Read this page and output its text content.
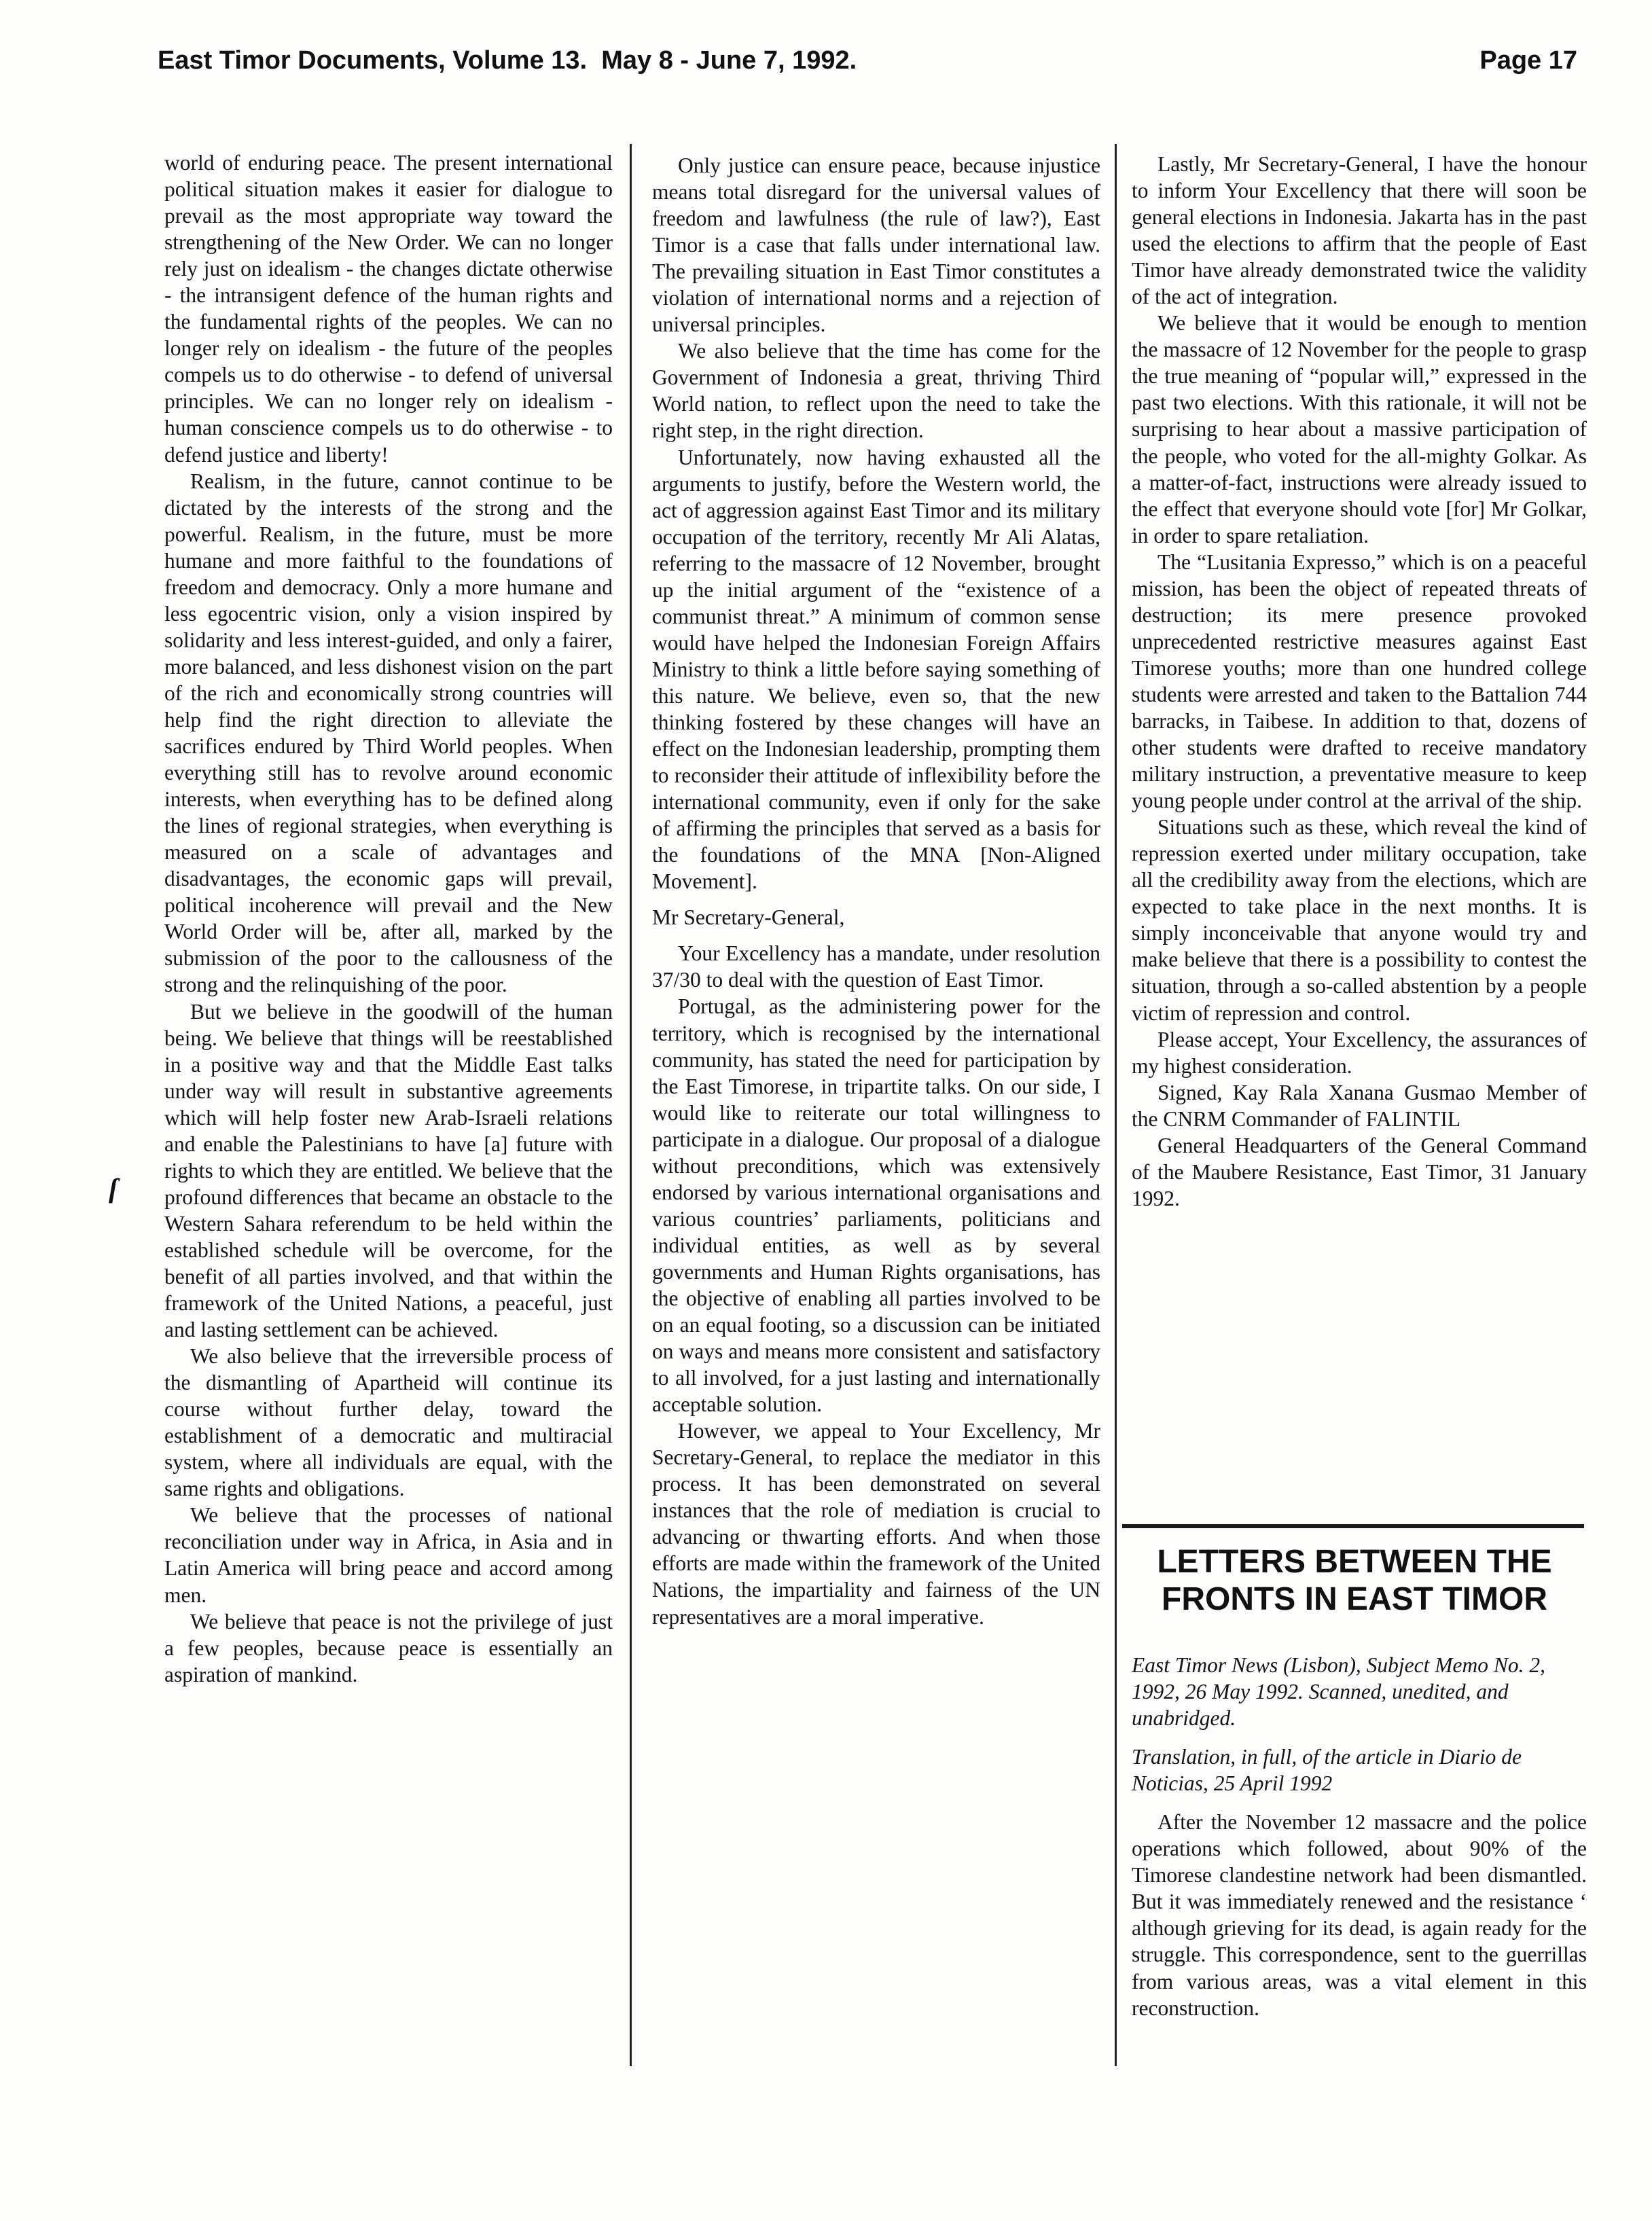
East Timor Documents, Volume 13. May 8 - June 7, 1992.	Page 17
ſ

world of enduring peace. The present international political situation makes it easier for dialogue to prevail as the most appropriate way toward the strengthening of the New Order. We can no longer rely just on idealism - the changes dictate otherwise - the intransigent defence of the human rights and the fundamental rights of the peoples. We can no longer rely on idealism - the future of the peoples compels us to do otherwise - to defend of universal principles. We can no longer rely on idealism - human conscience compels us to do otherwise - to defend justice and liberty!

Realism, in the future, cannot continue to be dictated by the interests of the strong and the powerful. Realism, in the future, must be more humane and more faithful to the foundations of freedom and democracy. Only a more humane and less egocentric vision, only a vision inspired by solidarity and less interest-guided, and only a fairer, more balanced, and less dishonest vision on the part of the rich and economically strong countries will help find the right direction to alleviate the sacrifices endured by Third World peoples. When everything still has to revolve around economic interests, when everything has to be defined along the lines of regional strategies, when everything is measured on a scale of advantages and disadvantages, the economic gaps will prevail, political incoherence will prevail and the New World Order will be, after all, marked by the submission of the poor to the callousness of the strong and the relinquishing of the poor.

But we believe in the goodwill of the human being. We believe that things will be reestablished in a positive way and that the Middle East talks under way will result in substantive agreements which will help foster new Arab-Israeli relations and enable the Palestinians to have [a] future with rights to which they are entitled. We believe that the profound differences that became an obstacle to the Western Sahara referendum to be held within the established schedule will be overcome, for the benefit of all parties involved, and that within the framework of the United Nations, a peaceful, just and lasting settlement can be achieved.

We also believe that the irreversible process of the dismantling of Apartheid will continue its course without further delay, toward the establishment of a democratic and multiracial system, where all individuals are equal, with the same rights and obligations.

We believe that the processes of national reconciliation under way in Africa, in Asia and in Latin America will bring peace and accord among men.

We believe that peace is not the privilege of just a few peoples, because peace is essentially an aspiration of mankind.

Only justice can ensure peace, because injustice means total disregard for the universal values of freedom and lawfulness (the rule of law?), East Timor is a case that falls under international law. The prevailing situation in East Timor constitutes a violation of international norms and a rejection of universal principles.

We also believe that the time has come for the Government of Indonesia a great, thriving Third World nation, to reflect upon the need to take the right step, in the right direction.

Unfortunately, now having exhausted all the arguments to justify, before the Western world, the act of aggression against East Timor and its military occupation of the territory, recently Mr Ali Alatas, referring to the massacre of 12 November, brought up the initial argument of the “existence of a communist threat.” A minimum of common sense would have helped the Indonesian Foreign Affairs Ministry to think a little before saying something of this nature. We believe, even so, that the new thinking fostered by these changes will have an effect on the Indonesian leadership, prompting them to reconsider their attitude of inflexibility before the international community, even if only for the sake of affirming the principles that served as a basis for the foundations of the MNA [Non-Aligned Movement].

Mr Secretary-General,

Your Excellency has a mandate, under resolution 37/30 to deal with the question of East Timor.

Portugal, as the administering power for the territory, which is recognised by the international community, has stated the need for participation by the East Timorese, in tripartite talks. On our side, I would like to reiterate our total willingness to participate in a dialogue. Our proposal of a dialogue without preconditions, which was extensively endorsed by various international organisations and various countries’ parliaments, politicians and individual entities, as well as by several governments and Human Rights organisations, has the objective of enabling all parties involved to be on an equal footing, so a discussion can be initiated on ways and means more consistent and satisfactory to all involved, for a just lasting and internationally acceptable solution.

However, we appeal to Your Excellency, Mr Secretary-General, to replace the mediator in this process. It has been demonstrated on several instances that the role of mediation is crucial to advancing or thwarting efforts. And when those efforts are made within the framework of the United Nations, the impartiality and fairness of the UN representatives are a moral imperative.

Lastly, Mr Secretary-General, I have the honour to inform Your Excellency that there will soon be general elections in Indonesia. Jakarta has in the past used the elections to affirm that the people of East Timor have already demonstrated twice the validity of the act of integration.

We believe that it would be enough to mention the massacre of 12 November for the people to grasp the true meaning of “popular will,” expressed in the past two elections. With this rationale, it will not be surprising to hear about a massive participation of the people, who voted for the all-mighty Golkar. As a matter-of-fact, instructions were already issued to the effect that everyone should vote [for] Mr Golkar, in order to spare retaliation.

The “Lusitania Expresso,” which is on a peaceful mission, has been the object of repeated threats of destruction; its mere presence provoked unprecedented restrictive measures against East Timorese youths; more than one hundred college students were arrested and taken to the Battalion 744 barracks, in Taibese. In addition to that, dozens of other students were drafted to receive mandatory military instruction, a preventative measure to keep young people under control at the arrival of the ship.

Situations such as these, which reveal the kind of repression exerted under military occupation, take all the credibility away from the elections, which are expected to take place in the next months. It is simply inconceivable that anyone would try and make believe that there is a possibility to contest the situation, through a so-called abstention by a people victim of repression and control.

Please accept, Your Excellency, the assurances of my highest consideration.

Signed, Kay Rala Xanana Gusmao Member of the CNRM Commander of FALINTIL

General Headquarters of the General Command of the Maubere Resistance, East Timor, 31 January 1992.

LETTERS BETWEEN THE
FRONTS IN EAST TIMOR

East Timor News (Lisbon), Subject Memo No. 2, 1992, 26 May 1992. Scanned, unedited, and unabridged.

Translation, in full, of the article in Diario de Noticias, 25 April 1992

After the November 12 massacre and the police operations which followed, about 90% of the Timorese clandestine network had been dismantled. But it was immediately renewed and the resistance ‘ although grieving for its dead, is again ready for the struggle. This correspondence, sent to the guerrillas from various areas, was a vital element in this reconstruction.
